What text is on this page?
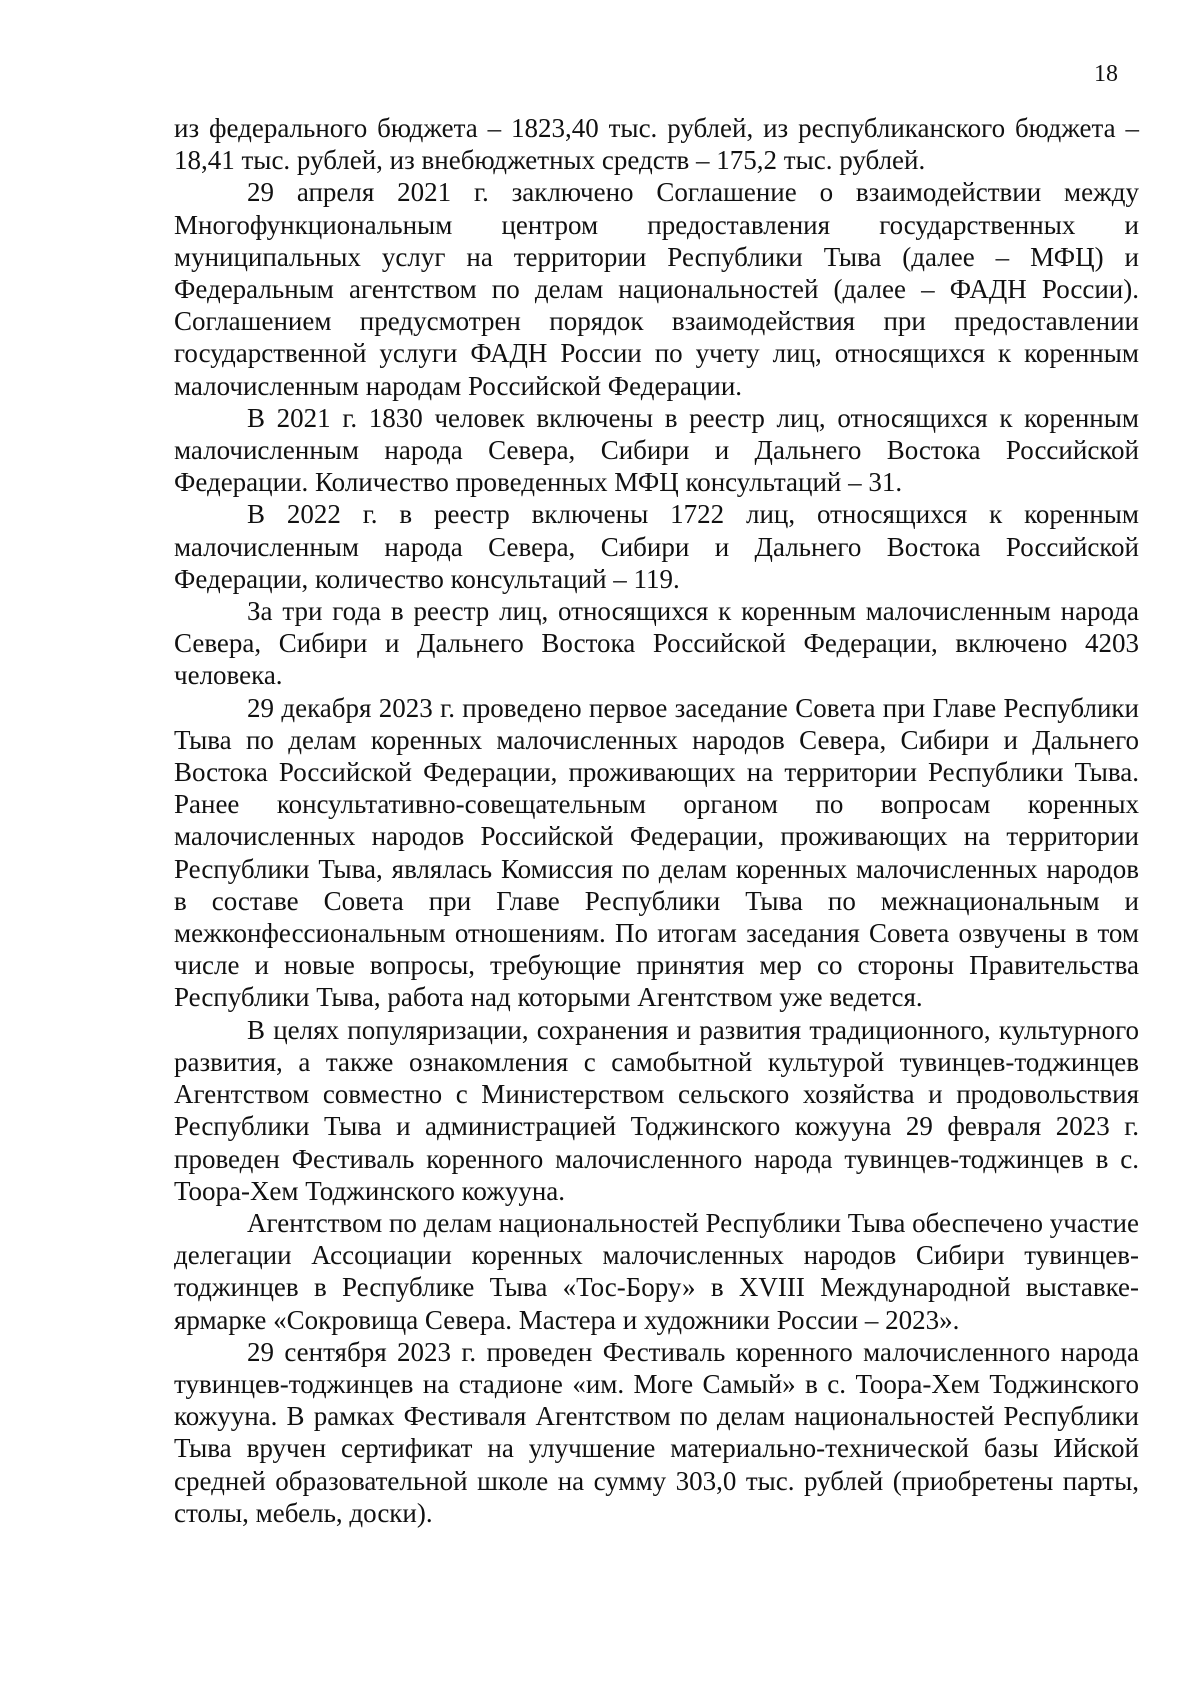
18

из федерального бюджета – 1823,40 тыс. рублей, из республиканского бюджета – 18,41 тыс. рублей, из внебюджетных средств – 175,2 тыс. рублей.

29 апреля 2021 г. заключено Соглашение о взаимодействии между Многофункциональным центром предоставления государственных и муниципальных услуг на территории Республики Тыва (далее – МФЦ) и Федеральным агентством по делам национальностей (далее – ФАДН России). Соглашением предусмотрен порядок взаимодействия при предоставлении государственной услуги ФАДН России по учету лиц, относящихся к коренным малочисленным народам Российской Федерации.

В 2021 г. 1830 человек включены в реестр лиц, относящихся к коренным малочисленным народа Севера, Сибири и Дальнего Востока Российской Федерации. Количество проведенных МФЦ консультаций – 31.

В 2022 г. в реестр включены 1722 лиц, относящихся к коренным малочисленным народа Севера, Сибири и Дальнего Востока Российской Федерации, количество консультаций – 119.

За три года в реестр лиц, относящихся к коренным малочисленным народа Севера, Сибири и Дальнего Востока Российской Федерации, включено 4203 человека.

29 декабря 2023 г. проведено первое заседание Совета при Главе Республики Тыва по делам коренных малочисленных народов Севера, Сибири и Дальнего Востока Российской Федерации, проживающих на территории Республики Тыва. Ранее консультативно-совещательным органом по вопросам коренных малочисленных народов Российской Федерации, проживающих на территории Республики Тыва, являлась Комиссия по делам коренных малочисленных народов в составе Совета при Главе Республики Тыва по межнациональным и межконфессиональным отношениям. По итогам заседания Совета озвучены в том числе и новые вопросы, требующие принятия мер со стороны Правительства Республики Тыва, работа над которыми Агентством уже ведется.

В целях популяризации, сохранения и развития традиционного, культурного развития, а также ознакомления с самобытной культурой тувинцев-тоджинцев Агентством совместно с Министерством сельского хозяйства и продовольствия Республики Тыва и администрацией Тоджинского кожууна 29 февраля 2023 г. проведен Фестиваль коренного малочисленного народа тувинцев-тоджинцев в с. Тоора-Хем Тоджинского кожууна.

Агентством по делам национальностей Республики Тыва обеспечено участие делегации Ассоциации коренных малочисленных народов Сибири тувинцев-тоджинцев в Республике Тыва «Тос-Бору» в XVIII Международной выставке-ярмарке «Сокровища Севера. Мастера и художники России – 2023».

29 сентября 2023 г. проведен Фестиваль коренного малочисленного народа тувинцев-тоджинцев на стадионе «им. Моге Самый» в с. Тоора-Хем Тоджинского кожууна. В рамках Фестиваля Агентством по делам национальностей Республики Тыва вручен сертификат на улучшение материально-технической базы Ийской средней образовательной школе на сумму 303,0 тыс. рублей (приобретены парты, столы, мебель, доски).
